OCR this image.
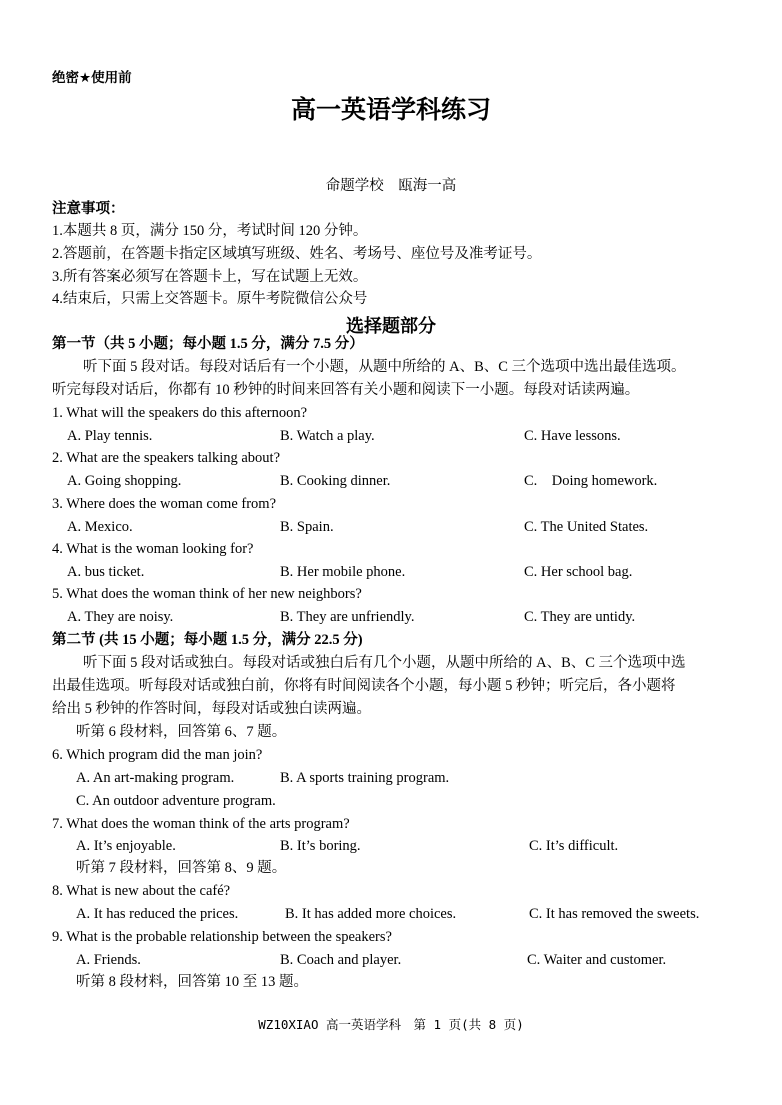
绝密★使用前
高一英语学科练习
命题学校　瓯海一高
注意事项：
1.本题共 8 页，满分 150 分，考试时间 120 分钟。
2.答题前，在答题卡指定区域填写班级、姓名、考场号、座位号及准考证号。
3.所有答案必须写在答题卡上，写在试题上无效。
4.结束后，只需上交答题卡。原牛考院微信公众号
选择题部分
第一节（共 5 小题；每小题 1.5 分，满分 7.5 分）
听下面 5 段对话。每段对话后有一个小题，从题中所给的 A、B、C 三个选项中选出最佳选项。
听完每段对话后，你都有 10 秒钟的时间来回答有关小题和阅读下一小题。每段对话读两遍。
1. What will the speakers do this afternoon?
A. Play tennis.	B. Watch a play.	C. Have lessons.
2. What are the speakers talking about?
A. Going shopping.	B. Cooking dinner.	C.　Doing homework.
3. Where does the woman come from?
A. Mexico.	B. Spain.	C. The United States.
4. What is the woman looking for?
A. bus ticket.	B. Her mobile phone.	C. Her school bag.
5. What does the woman think of her new neighbors?
A. They are noisy.	B. They are unfriendly.	C. They are untidy.
第二节 (共 15 小题；每小题 1.5 分，满分 22.5 分)
听下面 5 段对话或独白。每段对话或独白后有几个小题，从题中所给的 A、B、C 三个选项中选
出最佳选项。听每段对话或独白前，你将有时间阅读各个小题，每小题 5 秒钟；听完后，各小题将
给出 5 秒钟的作答时间，每段对话或独白读两遍。
听第 6 段材料，回答第 6、7 题。
6. Which program did the man join?
A. An art-making program.	B. A sports training program.
C. An outdoor adventure program.
7. What does the woman think of the arts program?
A. It’s enjoyable.	B. It’s boring.	C. It’s difficult.
听第 7 段材料，回答第 8、9 题。
8. What is new about the café?
A. It has reduced the prices.	B. It has added more choices.	C. It has removed the sweets.
9. What is the probable relationship between the speakers?
A. Friends.	B. Coach and player.	C. Waiter and customer.
听第 8 段材料，回答第 10 至 13 题。
WZ10XIAO 高一英语学科　第 1 页(共 8 页)
